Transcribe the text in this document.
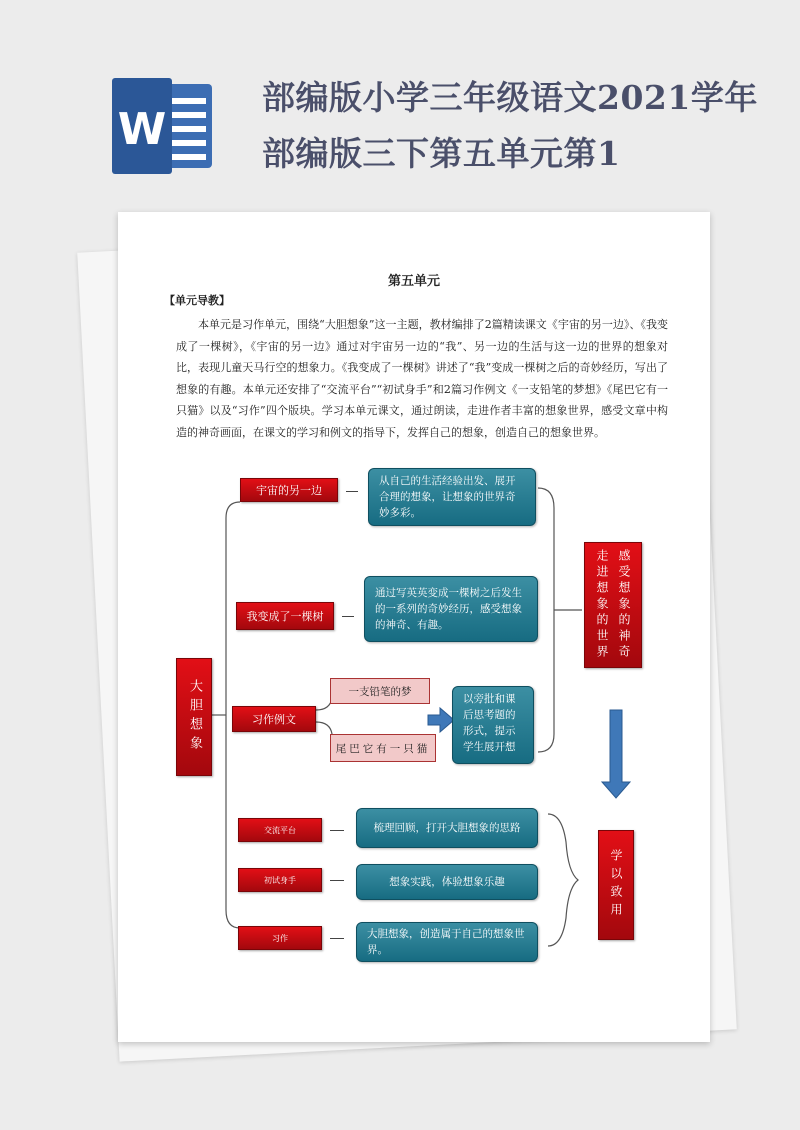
W
部编版小学三年级语文2021学年部编版三下第五单元第1
第五单元
【单元导教】

本单元是习作单元，围绕“大胆想象”这一主题，教材编排了2篇精读课文《宇宙的另一边》、《我变成了一棵树》，《宇宙的另一边》通过对宇宙另一边的“我”、另一边的生活与这一边的世界的想象对比，表现儿童天马行空的想象力。《我变成了一棵树》讲述了“我”变成一棵树之后的奇妙经历，写出了想象的有趣。本单元还安排了“交流平台”“初试身手”和2篇习作例文《一支铅笔的梦想》《尾巴它有一只猫》以及“习作”四个版块。学习本单元课文，通过朗读，走进作者丰富的想象世界，感受文章中构造的神奇画面，在课文的学习和例文的指导下，发挥自己的想象，创造自己的想象世界。

大胆想象
宇宙的另一边
我变成了一棵树
习作例文
交流平台
初试身手
习作
一支铅笔的梦
尾巴它有一只猫
从自己的生活经验出发、展开合理的想象，让想象的世界奇妙多彩。
通过写英英变成一棵树之后发生的一系列的奇妙经历，感受想象的神奇、有趣。
以旁批和课后思考题的形式，提示学生展开想
梳理回顾，打开大胆想象的思路
想象实践，体验想象乐趣
大胆想象，创造属于自己的想象世界。
感受想象的神奇 走进想象的世界
学以致用
